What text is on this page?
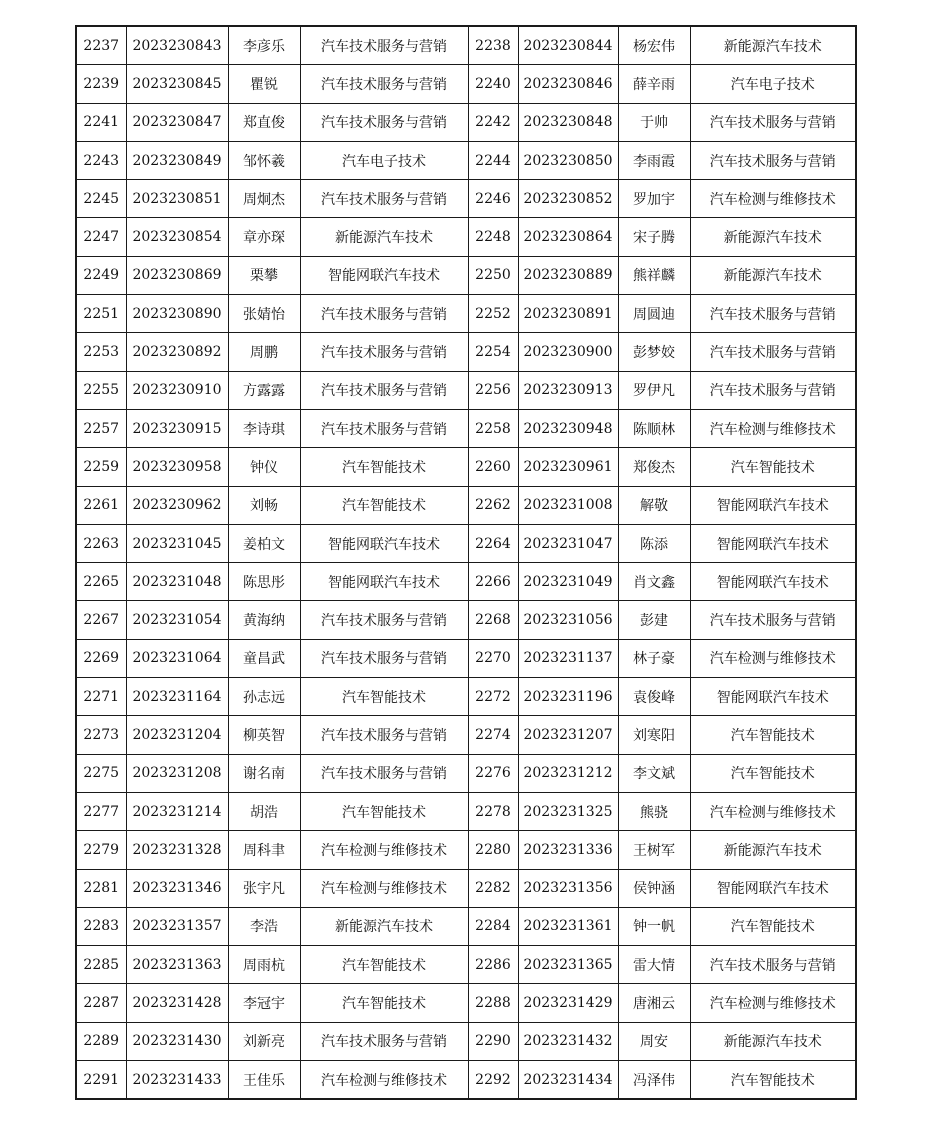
2237	2023230843	李彦乐	汽车技术服务与营销	2238	2023230844	杨宏伟	新能源汽车技术
2239	2023230845	瞿锐	汽车技术服务与营销	2240	2023230846	薛辛雨	汽车电子技术
2241	2023230847	郑直俊	汽车技术服务与营销	2242	2023230848	于帅	汽车技术服务与营销
2243	2023230849	邹怀羲	汽车电子技术	2244	2023230850	李雨霞	汽车技术服务与营销
2245	2023230851	周炯杰	汽车技术服务与营销	2246	2023230852	罗加宇	汽车检测与维修技术
2247	2023230854	章亦琛	新能源汽车技术	2248	2023230864	宋子腾	新能源汽车技术
2249	2023230869	栗攀	智能网联汽车技术	2250	2023230889	熊祥麟	新能源汽车技术
2251	2023230890	张婧怡	汽车技术服务与营销	2252	2023230891	周圆迪	汽车技术服务与营销
2253	2023230892	周鹏	汽车技术服务与营销	2254	2023230900	彭梦姣	汽车技术服务与营销
2255	2023230910	方露露	汽车技术服务与营销	2256	2023230913	罗伊凡	汽车技术服务与营销
2257	2023230915	李诗琪	汽车技术服务与营销	2258	2023230948	陈顺林	汽车检测与维修技术
2259	2023230958	钟仪	汽车智能技术	2260	2023230961	郑俊杰	汽车智能技术
2261	2023230962	刘畅	汽车智能技术	2262	2023231008	解敬	智能网联汽车技术
2263	2023231045	姜柏文	智能网联汽车技术	2264	2023231047	陈添	智能网联汽车技术
2265	2023231048	陈思彤	智能网联汽车技术	2266	2023231049	肖文鑫	智能网联汽车技术
2267	2023231054	黄海纳	汽车技术服务与营销	2268	2023231056	彭建	汽车技术服务与营销
2269	2023231064	童昌武	汽车技术服务与营销	2270	2023231137	林子豪	汽车检测与维修技术
2271	2023231164	孙志远	汽车智能技术	2272	2023231196	袁俊峰	智能网联汽车技术
2273	2023231204	柳英智	汽车技术服务与营销	2274	2023231207	刘寒阳	汽车智能技术
2275	2023231208	谢名南	汽车技术服务与营销	2276	2023231212	李文斌	汽车智能技术
2277	2023231214	胡浩	汽车智能技术	2278	2023231325	熊骁	汽车检测与维修技术
2279	2023231328	周科聿	汽车检测与维修技术	2280	2023231336	王树军	新能源汽车技术
2281	2023231346	张宇凡	汽车检测与维修技术	2282	2023231356	侯钟涵	智能网联汽车技术
2283	2023231357	李浩	新能源汽车技术	2284	2023231361	钟一帆	汽车智能技术
2285	2023231363	周雨杭	汽车智能技术	2286	2023231365	雷大情	汽车技术服务与营销
2287	2023231428	李冠宇	汽车智能技术	2288	2023231429	唐湘云	汽车检测与维修技术
2289	2023231430	刘新亮	汽车技术服务与营销	2290	2023231432	周安	新能源汽车技术
2291	2023231433	王佳乐	汽车检测与维修技术	2292	2023231434	冯泽伟	汽车智能技术
